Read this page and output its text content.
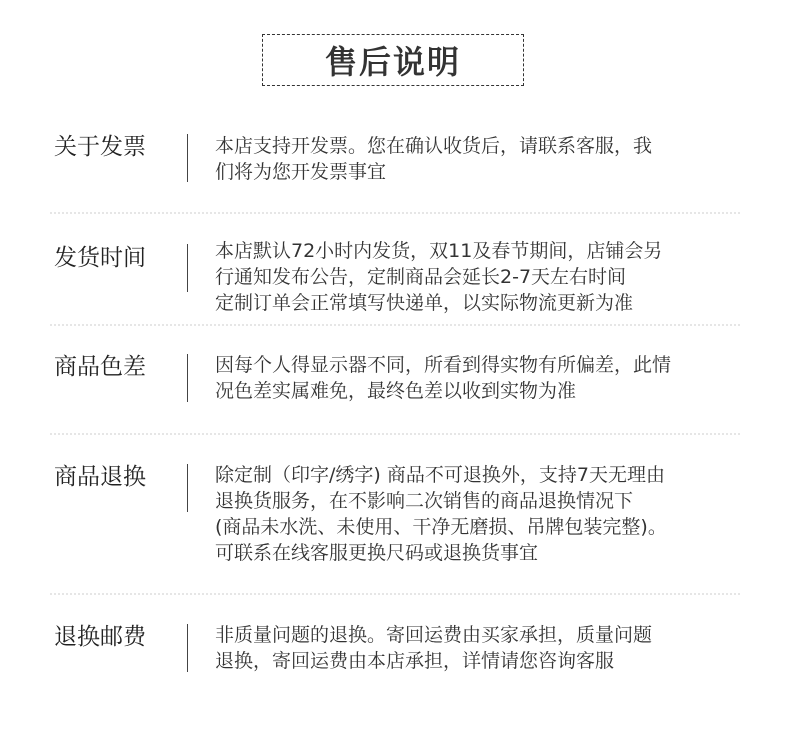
售后说明
关于发票	本店支持开发票。您在确认收货后，请联系客服，我
们将为您开发票事宜
发货时间	本店默认72小时内发货，双11及春节期间，店铺会另
行通知发布公告，定制商品会延长2-7天左右时间
定制订单会正常填写快递单，以实际物流更新为准
商品色差	因每个人得显示器不同，所看到得实物有所偏差，此情
况色差实属难免，最终色差以收到实物为准
商品退换	除定制（印字/绣字) 商品不可退换外，支持7天无理由
退换货服务，在不影响二次销售的商品退换情况下
(商品未水洗、未使用、干净无磨损、吊牌包装完整)。
可联系在线客服更换尺码或退换货事宜
退换邮费	非质量问题的退换。寄回运费由买家承担，质量问题
退换，寄回运费由本店承担，详情请您咨询客服
